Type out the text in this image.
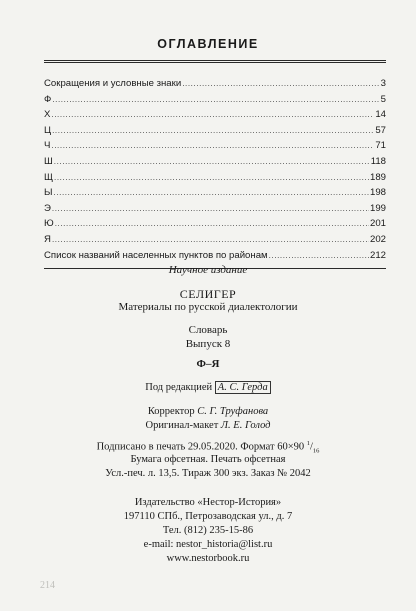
ОГЛАВЛЕНИЕ
Сокращения и условные знаки .....	3
Ф .....	5
Х .....	14
Ц .....	57
Ч .....	71
Ш .....	118
Щ .....	189
Ы .....	198
Э .....	199
Ю .....	201
Я .....	202
Список названий населенных пунктов по районам .....	212
Научное издание
СЕЛИГЕР
Материалы по русской диалектологии
Словарь
Выпуск 8
Ф–Я
Под редакцией А. С. Герда
Корректор С. Г. Труфанова
Оригинал-макет Л. Е. Голод
Подписано в печать 29.05.2020. Формат 60×90 $^1/_{16}$
Бумага офсетная. Печать офсетная
Усл.-печ. л. 13,5. Тираж 300 экз. Заказ № 2042
Издательство «Нестор-История»
197110 СПб., Петрозаводская ул., д. 7
Тел. (812) 235-15-86
e-mail: nestor_historia@list.ru
www.nestorbook.ru
214
